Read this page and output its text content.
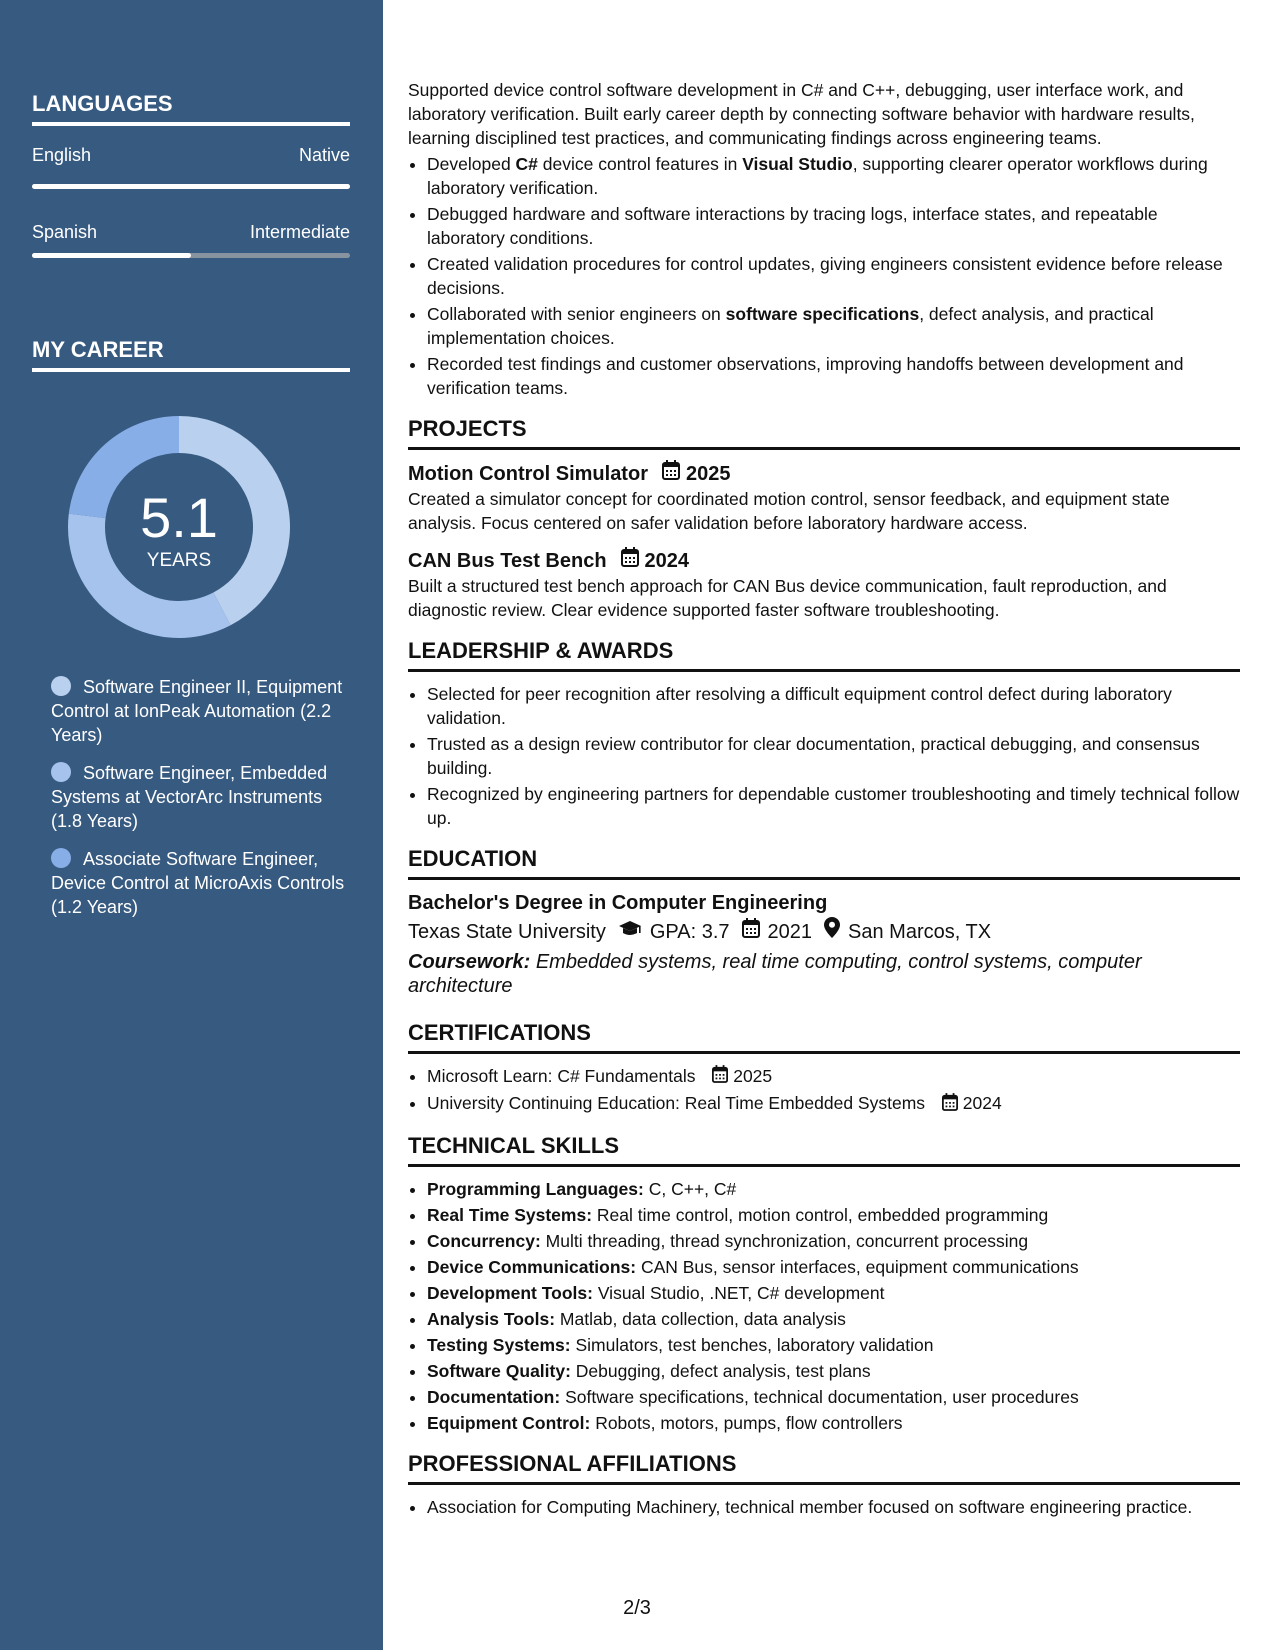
LANGUAGES
English	Native
Spanish	Intermediate
MY CAREER
5.1
YEARS
Software Engineer II, Equipment Control at IonPeak Automation (2.2 Years)
Software Engineer, Embedded Systems at VectorArc Instruments (1.8 Years)
Associate Software Engineer, Device Control at MicroAxis Controls (1.2 Years)

Supported device control software development in C# and C++, debugging, user interface work, and laboratory verification. Built early career depth by connecting software behavior with hardware results, learning disciplined test practices, and communicating findings across engineering teams.

• Developed C# device control features in Visual Studio, supporting clearer operator workflows during laboratory verification.
• Debugged hardware and software interactions by tracing logs, interface states, and repeatable laboratory conditions.
• Created validation procedures for control updates, giving engineers consistent evidence before release decisions.
• Collaborated with senior engineers on software specifications, defect analysis, and practical implementation choices.
• Recorded test findings and customer observations, improving handoffs between development and verification teams.
PROJECTS
Motion Control Simulator 2025

Created a simulator concept for coordinated motion control, sensor feedback, and equipment state analysis. Focus centered on safer validation before laboratory hardware access.

CAN Bus Test Bench 2024

Built a structured test bench approach for CAN Bus device communication, fault reproduction, and diagnostic review. Clear evidence supported faster software troubleshooting.

LEADERSHIP & AWARDS
• Selected for peer recognition after resolving a difficult equipment control defect during laboratory validation.
• Trusted as a design review contributor for clear documentation, practical debugging, and consensus building.
• Recognized by engineering partners for dependable customer troubleshooting and timely technical follow up.
EDUCATION
Bachelor's Degree in Computer Engineering
Texas State University GPA: 3.7 2021 San Marcos, TX

Coursework: Embedded systems, real time computing, control systems, computer architecture

CERTIFICATIONS
• Microsoft Learn: C# Fundamentals 2025
• University Continuing Education: Real Time Embedded Systems 2024
TECHNICAL SKILLS
• Programming Languages: C, C++, C#
• Real Time Systems: Real time control, motion control, embedded programming
• Concurrency: Multi threading, thread synchronization, concurrent processing
• Device Communications: CAN Bus, sensor interfaces, equipment communications
• Development Tools: Visual Studio, .NET, C# development
• Analysis Tools: Matlab, data collection, data analysis
• Testing Systems: Simulators, test benches, laboratory validation
• Software Quality: Debugging, defect analysis, test plans
• Documentation: Software specifications, technical documentation, user procedures
• Equipment Control: Robots, motors, pumps, flow controllers
PROFESSIONAL AFFILIATIONS
• Association for Computing Machinery, technical member focused on software engineering practice.
2/3
